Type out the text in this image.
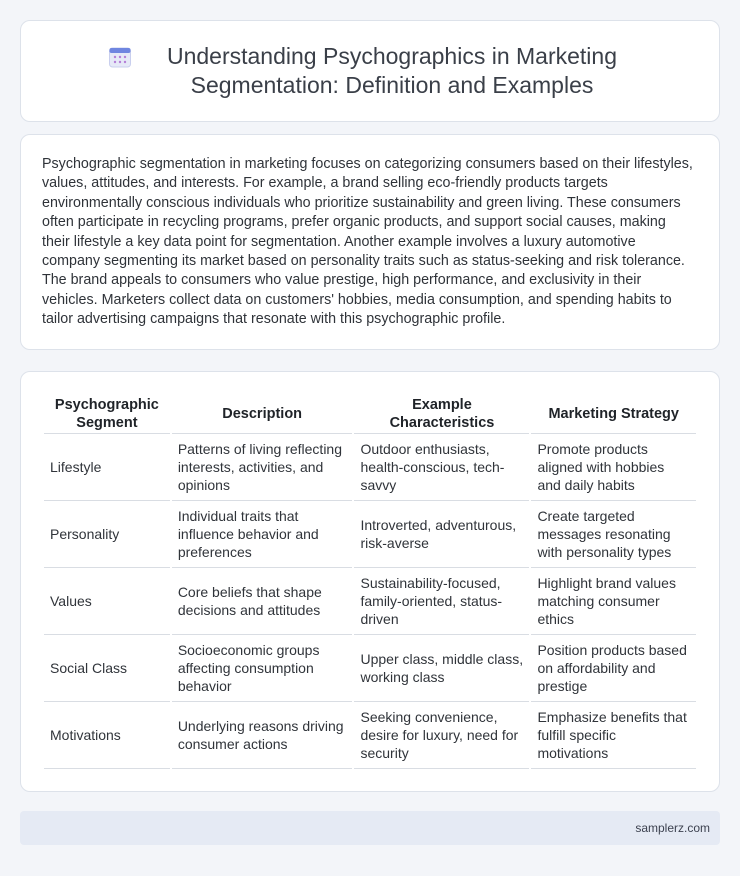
Understanding Psychographics in Marketing Segmentation: Definition and Examples

Psychographic segmentation in marketing focuses on categorizing consumers based on their lifestyles, values, attitudes, and interests. For example, a brand selling eco-friendly products targets environmentally conscious individuals who prioritize sustainability and green living. These consumers often participate in recycling programs, prefer organic products, and support social causes, making their lifestyle a key data point for segmentation. Another example involves a luxury automotive company segmenting its market based on personality traits such as status-seeking and risk tolerance. The brand appeals to consumers who value prestige, high performance, and exclusivity in their vehicles. Marketers collect data on customers' hobbies, media consumption, and spending habits to tailor advertising campaigns that resonate with this psychographic profile.

Psychographic Segment	Description	Example Characteristics	Marketing Strategy
Lifestyle	Patterns of living reflecting interests, activities, and opinions	Outdoor enthusiasts, health-conscious, tech-savvy	Promote products aligned with hobbies and daily habits
Personality	Individual traits that influence behavior and preferences	Introverted, adventurous, risk-averse	Create targeted messages resonating with personality types
Values	Core beliefs that shape decisions and attitudes	Sustainability-focused, family-oriented, status-driven	Highlight brand values matching consumer ethics
Social Class	Socioeconomic groups affecting consumption behavior	Upper class, middle class, working class	Position products based on affordability and prestige
Motivations	Underlying reasons driving consumer actions	Seeking convenience, desire for luxury, need for security	Emphasize benefits that fulfill specific motivations
samplerz.com
